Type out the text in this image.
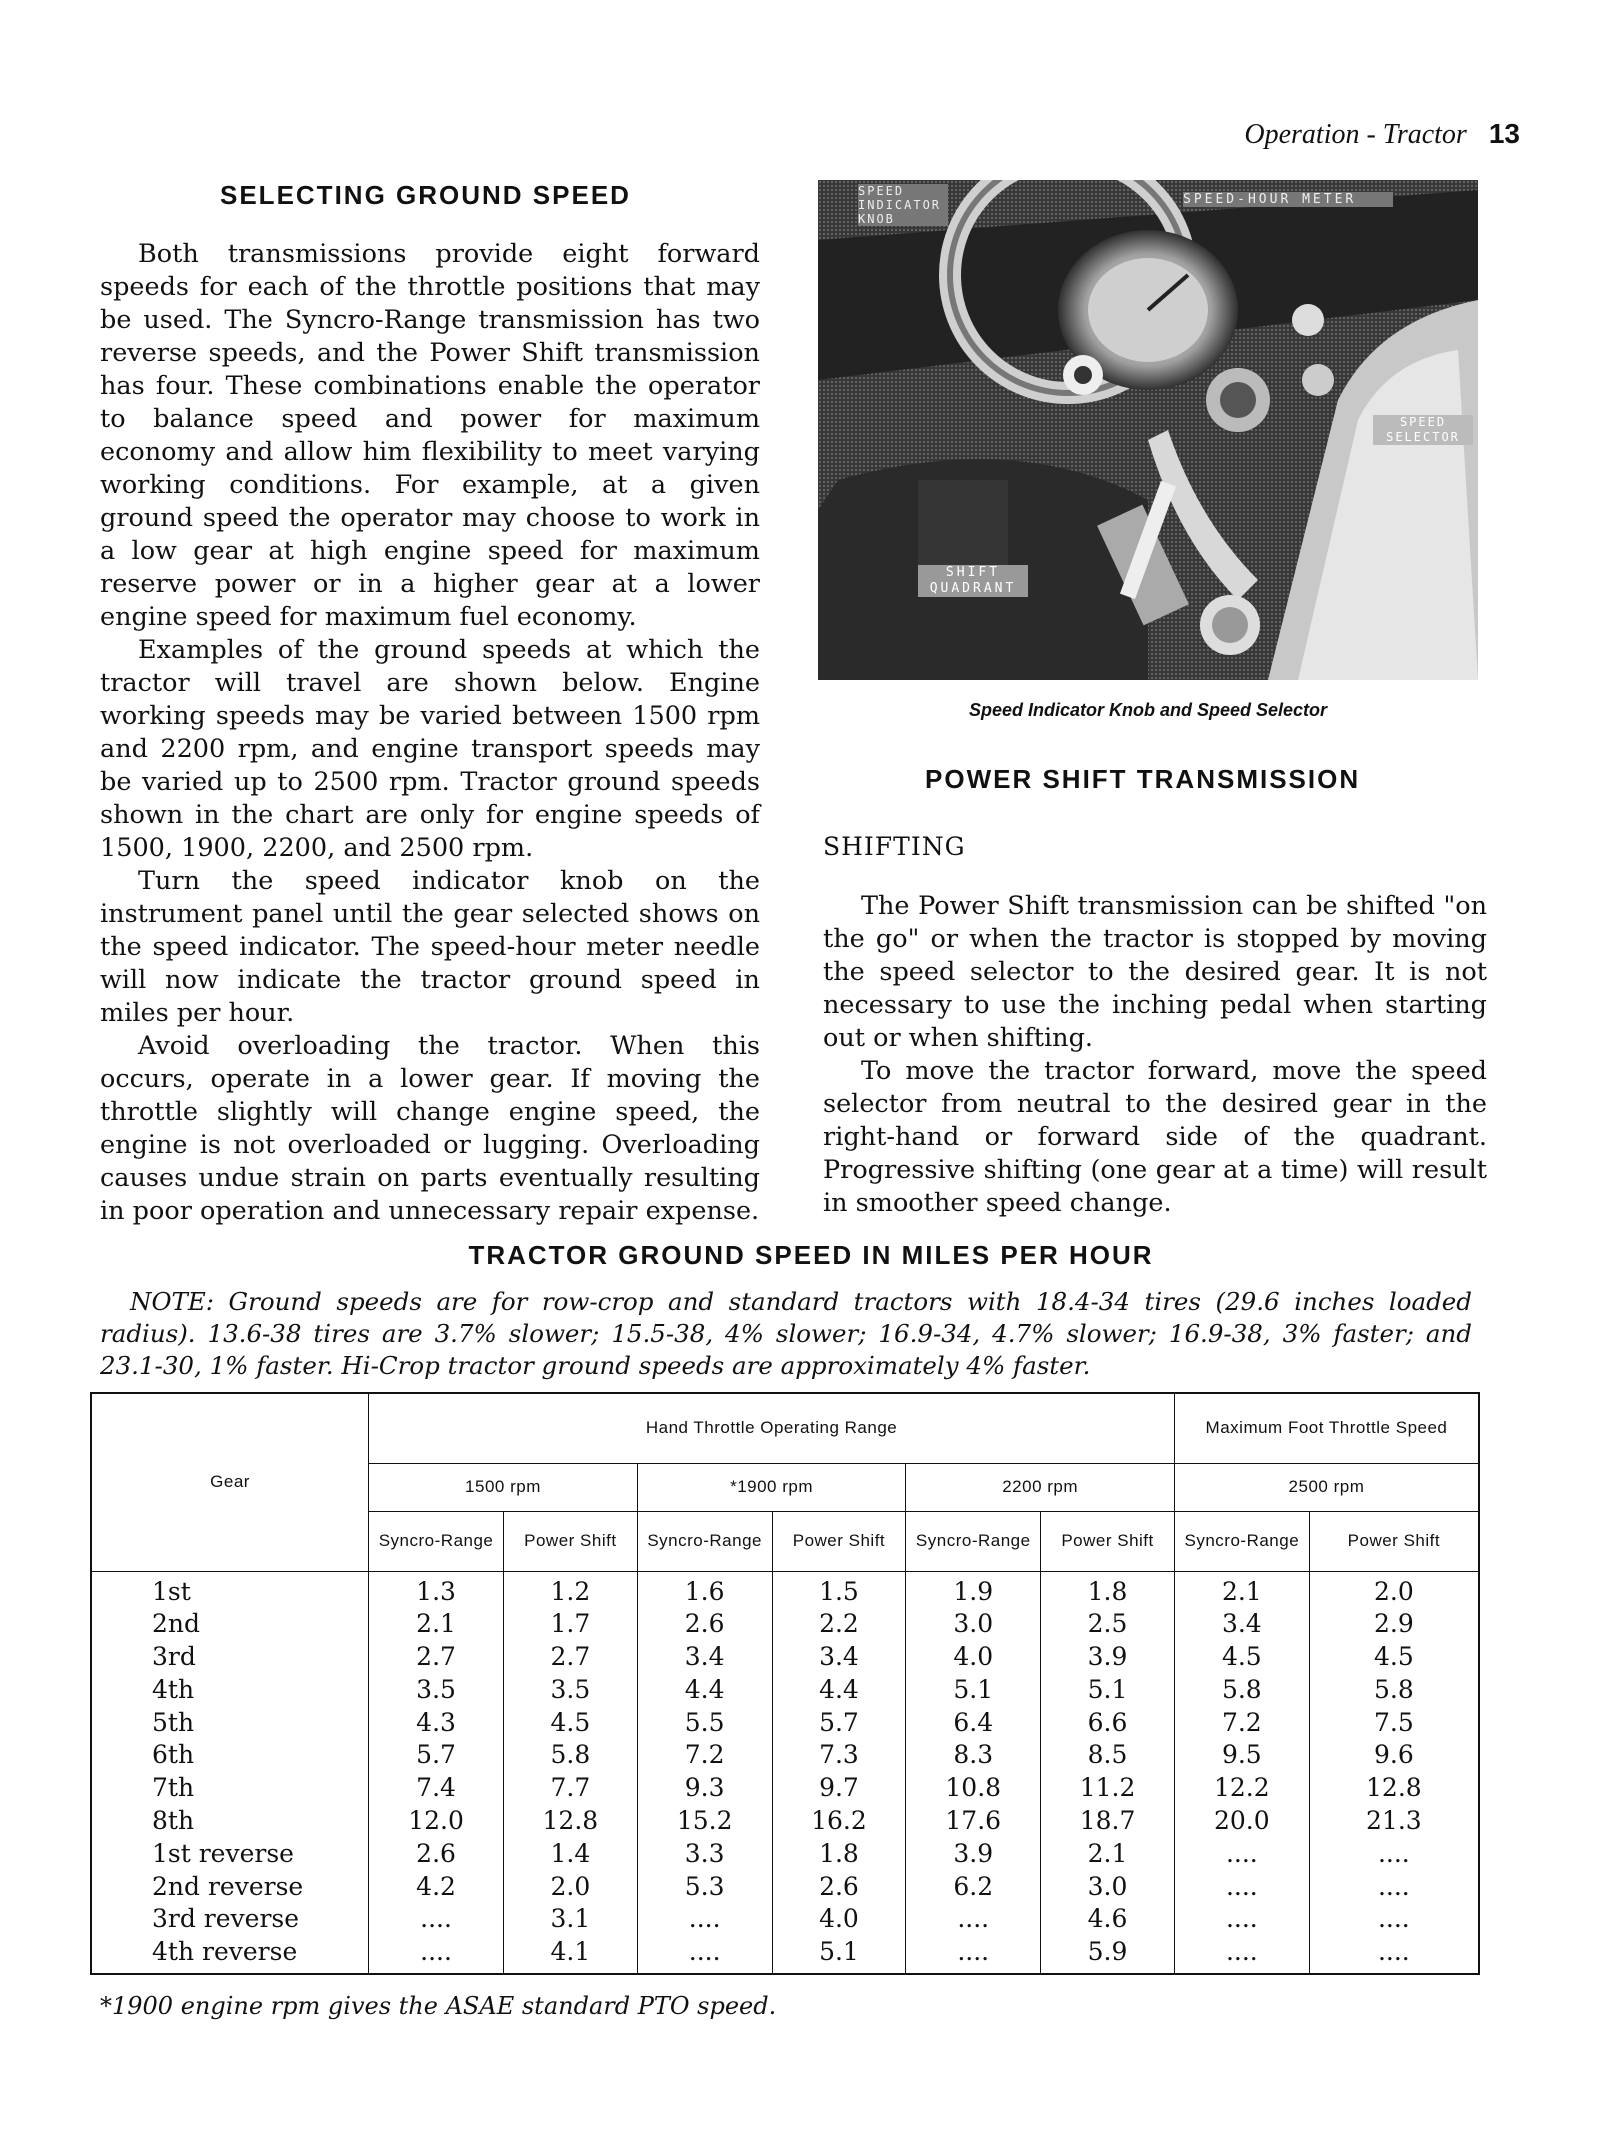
Operation - Tractor 13
SELECTING GROUND SPEED

Both transmissions provide eight forward speeds for each of the throttle positions that may be used. The Syncro-Range transmission has two reverse speeds, and the Power Shift transmission has four. These combinations enable the operator to balance speed and power for maximum economy and allow him flexibility to meet varying working conditions. For example, at a given ground speed the operator may choose to work in a low gear at high engine speed for maximum reserve power or in a higher gear at a lower engine speed for maximum fuel economy.

Examples of the ground speeds at which the tractor will travel are shown below. Engine working speeds may be varied between 1500 rpm and 2200 rpm, and engine transport speeds may be varied up to 2500 rpm. Tractor ground speeds shown in the chart are only for engine speeds of 1500, 1900, 2200, and 2500 rpm.

Turn the speed indicator knob on the instrument panel until the gear selected shows on the speed indicator. The speed-hour meter needle will now indicate the tractor ground speed in miles per hour.

Avoid overloading the tractor. When this occurs, operate in a lower gear. If moving the throttle slightly will change engine speed, the engine is not overloaded or lugging. Overloading causes undue strain on parts eventually resulting in poor operation and unnecessary repair expense.

SPEED INDICATOR KNOB
SPEED-HOUR METER
SPEED SELECTOR
SHIFT QUADRANT
Speed Indicator Knob and Speed Selector
POWER SHIFT TRANSMISSION
SHIFTING

The Power Shift transmission can be shifted "on the go" or when the tractor is stopped by moving the speed selector to the desired gear. It is not necessary to use the inching pedal when starting out or when shifting.

To move the tractor forward, move the speed selector from neutral to the desired gear in the right-hand or forward side of the quadrant. Progressive shifting (one gear at a time) will result in smoother speed change.

TRACTOR GROUND SPEED IN MILES PER HOUR
NOTE: Ground speeds are for row-crop and standard tractors with 18.4-34 tires (29.6 inches loaded radius). 13.6-38 tires are 3.7% slower; 15.5-38, 4% slower; 16.9-34, 4.7% slower; 16.9-38, 3% faster; and 23.1-30, 1% faster. Hi-Crop tractor ground speeds are approximately 4% faster.
Gear	Hand Throttle Operating Range						Maximum Foot Throttle Speed	
	1500 rpm		*1900 rpm		2200 rpm		2500 rpm	
	Syncro-Range	Power Shift	Syncro-Range	Power Shift	Syncro-Range	Power Shift	Syncro-Range	Power Shift
1st	1.3	1.2	1.6	1.5	1.9	1.8	2.1	2.0
2nd	2.1	1.7	2.6	2.2	3.0	2.5	3.4	2.9
3rd	2.7	2.7	3.4	3.4	4.0	3.9	4.5	4.5
4th	3.5	3.5	4.4	4.4	5.1	5.1	5.8	5.8
5th	4.3	4.5	5.5	5.7	6.4	6.6	7.2	7.5
6th	5.7	5.8	7.2	7.3	8.3	8.5	9.5	9.6
7th	7.4	7.7	9.3	9.7	10.8	11.2	12.2	12.8
8th	12.0	12.8	15.2	16.2	17.6	18.7	20.0	21.3
1st reverse	2.6	1.4	3.3	1.8	3.9	2.1	....	....
2nd reverse	4.2	2.0	5.3	2.6	6.2	3.0	....	....
3rd reverse	....	3.1	....	4.0	....	4.6	....	....
4th reverse	....	4.1	....	5.1	....	5.9	....	....
*1900 engine rpm gives the ASAE standard PTO speed.
